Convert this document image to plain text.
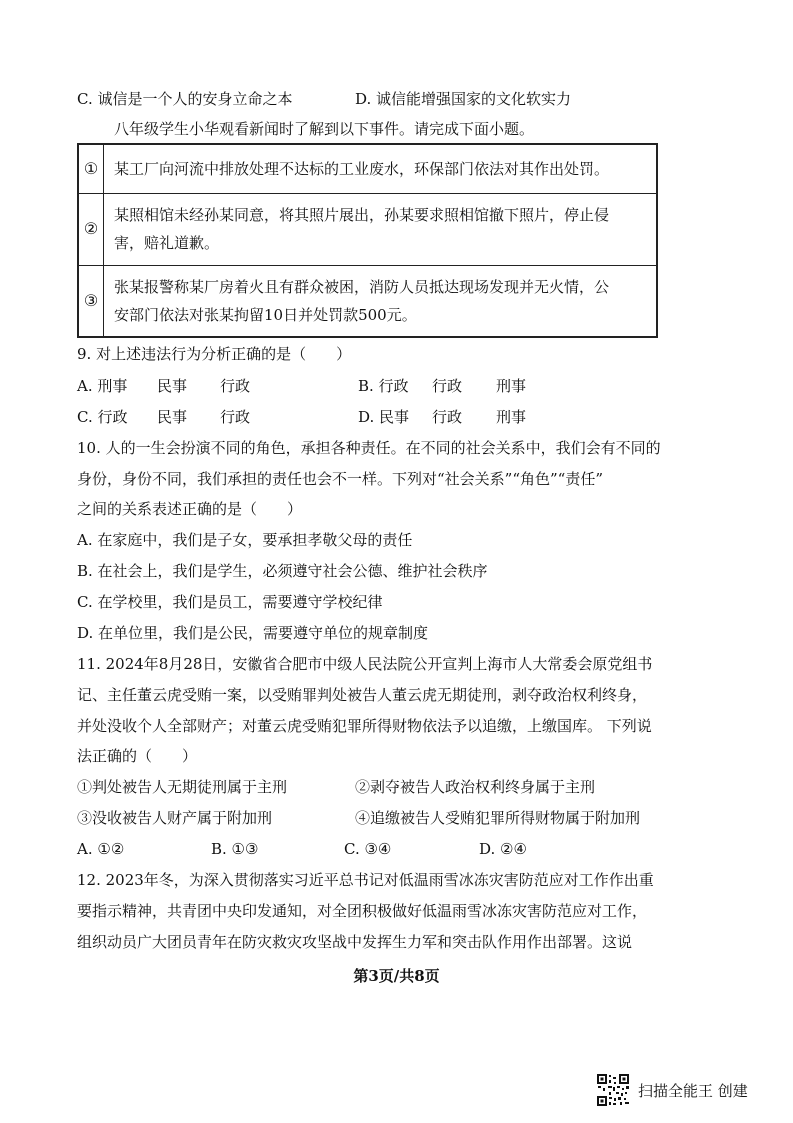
C. 诚信是一个人的安身立命之本	D. 诚信能增强国家的文化软实力
八年级学生小华观看新闻时了解到以下事件。请完成下面小题。
①	某工厂向河流中排放处理不达标的工业废水，环保部门依法对其作出处罚。

②	某照相馆未经孙某同意，将其照片展出，孙某要求照相馆撤下照片，停止侵
害，赔礼道歉。

③	张某报警称某厂房着火且有群众被困，消防人员抵达现场发现并无火情，公
安部门依法对张某拘留10日并处罚款500元。
9. 对上述违法行为分析正确的是（　　）
A. 刑事 民事 行政	B. 行政 行政 刑事
C. 行政 民事 行政	D. 民事 行政 刑事
10. 人的一生会扮演不同的角色，承担各种责任。在不同的社会关系中，我们会有不同的
身份，身份不同，我们承担的责任也会不一样。下列对“社会关系”“角色”“责任”
之间的关系表述正确的是（　　）
A. 在家庭中，我们是子女，要承担孝敬父母的责任
B. 在社会上，我们是学生，必须遵守社会公德、维护社会秩序
C. 在学校里，我们是员工，需要遵守学校纪律
D. 在单位里，我们是公民，需要遵守单位的规章制度
11. 2024年8月28日，安徽省合肥市中级人民法院公开宣判上海市人大常委会原党组书
记、主任董云虎受贿一案，以受贿罪判处被告人董云虎无期徒刑，剥夺政治权利终身，
并处没收个人全部财产；对董云虎受贿犯罪所得财物依法予以追缴，上缴国库。 下列说
法正确的（　　）
①判处被告人无期徒刑属于主刑	②剥夺被告人政治权利终身属于主刑
③没收被告人财产属于附加刑	④追缴被告人受贿犯罪所得财物属于附加刑
A. ①②	B. ①③	C. ③④	D. ②④
12. 2023年冬，为深入贯彻落实习近平总书记对低温雨雪冰冻灾害防范应对工作作出重
要指示精神，共青团中央印发通知，对全团积极做好低温雨雪冰冻灾害防范应对工作，
组织动员广大团员青年在防灾救灾攻坚战中发挥生力军和突击队作用作出部署。这说
第3页/共8页
扫描全能王 创建
